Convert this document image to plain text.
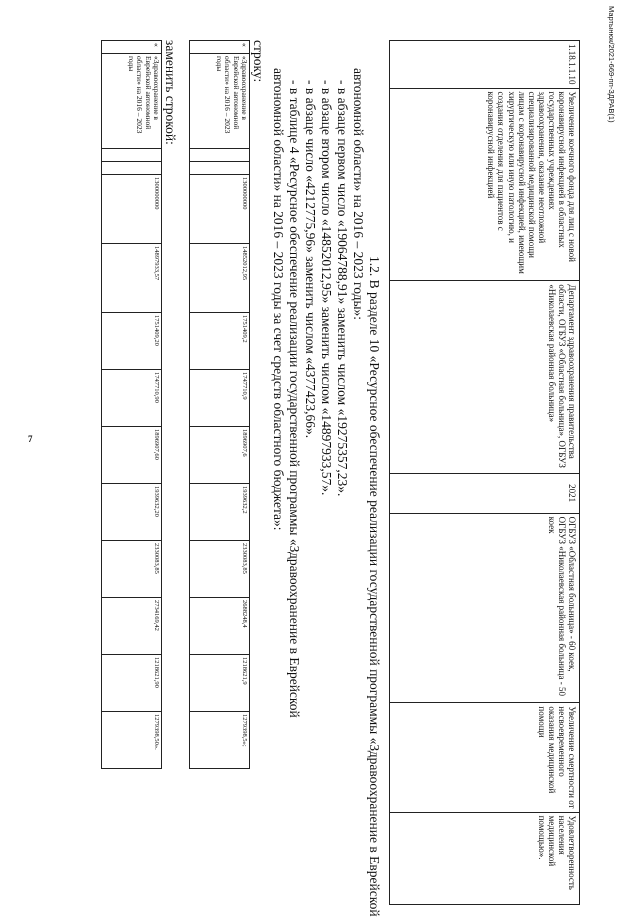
7
Мартынюк/2021-669-пп-ЗДРАВ(1)
1.18.1.1.10	Увеличение коечного фонда для лиц с новой коронавирусной инфекцией в областных государственных учреждениях здравоохранения, оказание неотложной специализированной медицинской помощи лицам с коронавирусной инфекцией, имеющим хирургическую или иную патологию, и создания отделения для пациентов с коронавирусной инфекцией	Департамент здравоохранения правительства области, ОГБУЗ «Областная больница», ОГБУЗ «Николаевская районная больница»	2021	ОГБУЗ «Областная больница» - 60 коек, ОГБУЗ «Николаевская районная больница - 50 коек	Увеличение смертности от несвоевременного оказания медицинской помощи	Удовлетворенность населения медицинской помощью».
1.2. В разделе 10 «Ресурсное обеспечение реализации государственной программы «Здравоохранение в Еврейской
автономной области» на 2016 – 2023 годы»:
- в абзаце первом число «19064788,91» заменить числом «19275357,23».
- в абзаце втором число «14852012,95» заменить числом «14897933,57».
- в абзаце число «4212775,96» заменить числом «4377423,66».
- в таблице 4 «Ресурсное обеспечение реализации государственной программы «Здравоохранение в Еврейской
автономной области» на 2016 – 2023 годы за счет средств областного бюджета»:
строку:
«	«Здравоохранение в Еврейской автономной области» на 2016 – 2023 годы			1300000000	14852012,95	1751409,2	1747710,9	1896907,6	1939632,2	2330083,85	2688248,4	1218621,9	1279398,5»;
заменить строкой:
«	«Здравоохранение в Еврейской автономной области» на 2016 – 2023 годы			1300000000	14897933,57	1751409,20	1747710,90	1896907,60	1939632,20	2330083,85	2734169,42	1218621,90	1279398,50».
